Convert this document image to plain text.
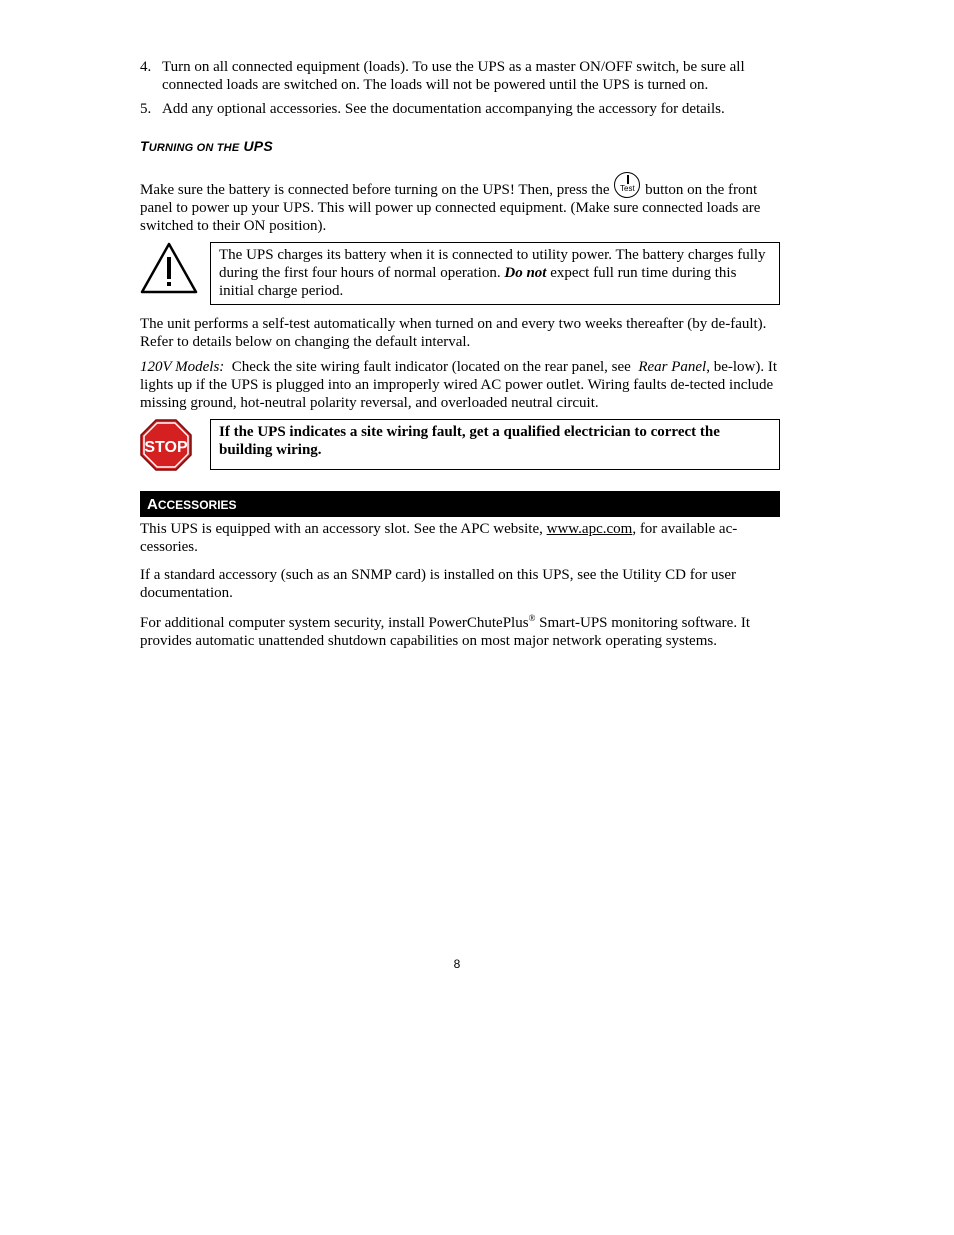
4. Turn on all connected equipment (loads). To use the UPS as a master ON/OFF switch, be sure all connected loads are switched on. The loads will not be powered until the UPS is turned on.
5. Add any optional accessories. See the documentation accompanying the accessory for details.
TURNING ON THE UPS

Make sure the battery is connected before turning on the UPS! Then, press the	Test button on the front panel to power up your UPS. This will power up connected equipment. (Make sure connected loads are switched to their ON position).

The UPS charges its battery when it is connected to utility power. The battery charges fully during the first four hours of normal operation. Do not expect full run time during this initial charge period.

The unit performs a self-test automatically when turned on and every two weeks thereafter (by de-fault). Refer to details below on changing the default interval.

120V Models: Check the site wiring fault indicator (located on the rear panel, see Rear Panel, be-low). It lights up if the UPS is plugged into an improperly wired AC power outlet. Wiring faults de-tected include missing ground, hot-neutral polarity reversal, and overloaded neutral circuit.

STOP
If the UPS indicates a site wiring fault, get a qualified electrician to correct the building wiring.
ACCESSORIES

This UPS is equipped with an accessory slot. See the APC website, www.apc.com, for available ac-cessories.

If a standard accessory (such as an SNMP card) is installed on this UPS, see the Utility CD for user documentation.

For additional computer system security, install PowerChutePlus® Smart-UPS monitoring software. It provides automatic unattended shutdown capabilities on most major network operating systems.

8
